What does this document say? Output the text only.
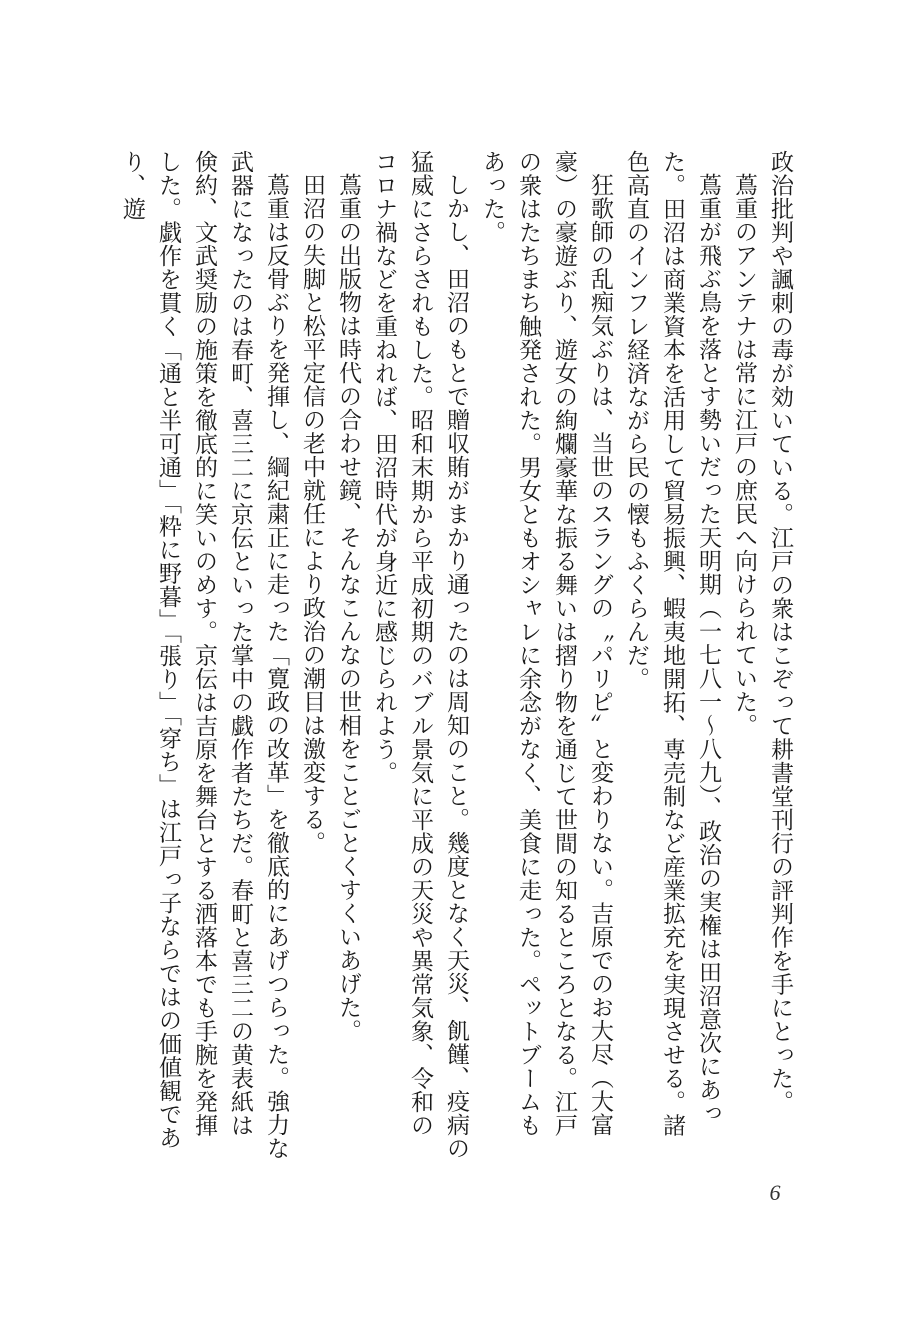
政治批判や諷刺の毒が効いている。江戸の衆はこぞって耕書堂刊行の評判作を手にとった。

蔦重のアンテナは常に江戸の庶民へ向けられていた。

蔦重が飛ぶ鳥を落とす勢いだった天明期（一七八一～八九）、政治の実権は田沼意次にあった。田沼は商業資本を活用して貿易振興、蝦夷地開拓、専売制など産業拡充を実現させる。諸色高直のインフレ経済ながら民の懐もふくらんだ。

狂歌師の乱痴気ぶりは、当世のスラングの〝パリピ〟と変わりない。吉原でのお大尽（大富豪）の豪遊ぶり、遊女の絢爛豪華な振る舞いは摺り物を通じて世間の知るところとなる。江戸の衆はたちまち触発された。男女ともオシャレに余念がなく、美食に走った。ペットブームもあった。

しかし、田沼のもとで贈収賄がまかり通ったのは周知のこと。幾度となく天災、飢饉、疫病の猛威にさらされもした。昭和末期から平成初期のバブル景気に平成の天災や異常気象、令和のコロナ禍などを重ねれば、田沼時代が身近に感じられよう。

蔦重の出版物は時代の合わせ鏡、そんなこんなの世相をことごとくすくいあげた。

田沼の失脚と松平定信の老中就任により政治の潮目は激変する。

蔦重は反骨ぶりを発揮し、綱紀粛正に走った「寛政の改革」を徹底的にあげつらった。強力な武器になったのは春町、喜三二に京伝といった掌中の戯作者たちだ。春町と喜三二の黄表紙は倹約、文武奨励の施策を徹底的に笑いのめす。京伝は吉原を舞台とする洒落本でも手腕を発揮した。戯作を貫く「通と半可通」「粋に野暮」「張り」「穿ち」は江戸っ子ならではの価値観であり、遊

6
